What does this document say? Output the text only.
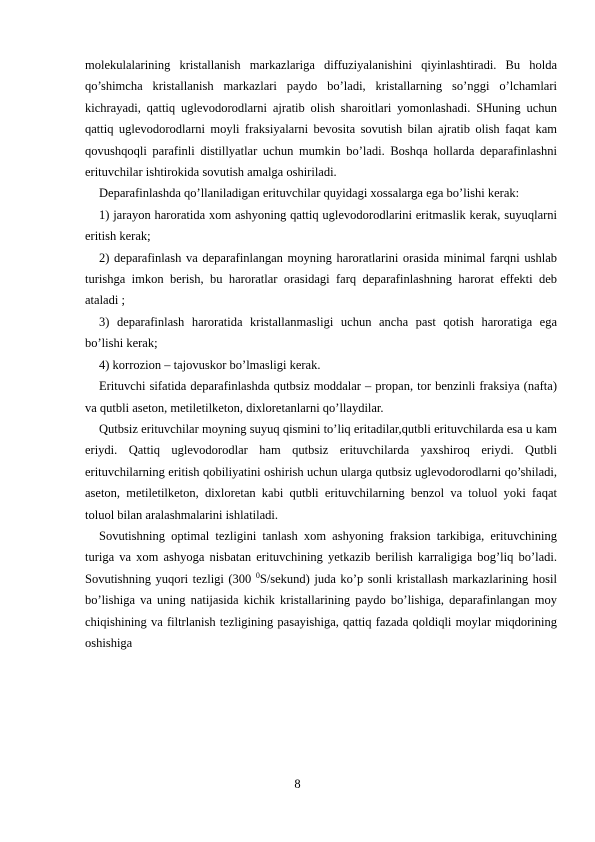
molekulalarining kristallanish markazlariga diffuziyalanishini qiyinlashtiradi. Bu holda qo’shimcha kristallanish markazlari paydo bo’ladi, kristallarning so’nggi o’lchamlari kichrayadi, qattiq uglevodorodlarni ajratib olish sharoitlari yomonlashadi. SHuning uchun qattiq uglevodorodlarni moyli fraksiyalarni bevosita sovutish bilan ajratib olish faqat kam qovushqoqli parafinli distillyatlar uchun mumkin bo’ladi. Boshqa hollarda deparafinlashni erituvchilar ishtirokida sovutish amalga oshiriladi.

Deparafinlashda qo’llaniladigan erituvchilar quyidagi xossalarga ega bo’lishi kerak:

1) jarayon haroratida xom ashyoning qattiq uglevodorodlarini eritmaslik kerak, suyuqlarni eritish kerak;

2) deparafinlash va deparafinlangan moyning haroratlarini orasida minimal farqni ushlab turishga imkon berish, bu haroratlar orasidagi farq deparafinlashning harorat effekti deb ataladi ;

3) deparafinlash haroratida kristallanmasligi uchun ancha past qotish haroratiga ega bo’lishi kerak;

4) korrozion – tajovuskor bo’lmasligi kerak.

Erituvchi sifatida deparafinlashda qutbsiz moddalar – propan, tor benzinli fraksiya (nafta) va qutbli aseton, metiletilketon, dixloretanlarni qo’llaydilar.

Qutbsiz erituvchilar moyning suyuq qismini to’liq eritadilar,qutbli erituvchilarda esa u kam eriydi. Qattiq uglevodorodlar ham qutbsiz erituvchilarda yaxshiroq eriydi. Qutbli erituvchilarning eritish qobiliyatini oshirish uchun ularga qutbsiz uglevodorodlarni qo’shiladi, aseton, metiletilketon, dixloretan kabi qutbli erituvchilarning benzol va toluol yoki faqat toluol bilan aralashmalarini ishlatiladi.

Sovutishning optimal tezligini tanlash xom ashyoning fraksion tarkibiga, erituvchining turiga va xom ashyoga nisbatan erituvchining yetkazib berilish karraligiga bog’liq bo’ladi. Sovutishning yuqori tezligi (300 $^0$S/sekund) juda ko’p sonli kristallash markazlarining hosil bo’lishiga va uning natijasida kichik kristallarining paydo bo’lishiga, deparafinlangan moy chiqishining va filtrlanish tezligining pasayishiga, qattiq fazada qoldiqli moylar miqdorining oshishiga

8
